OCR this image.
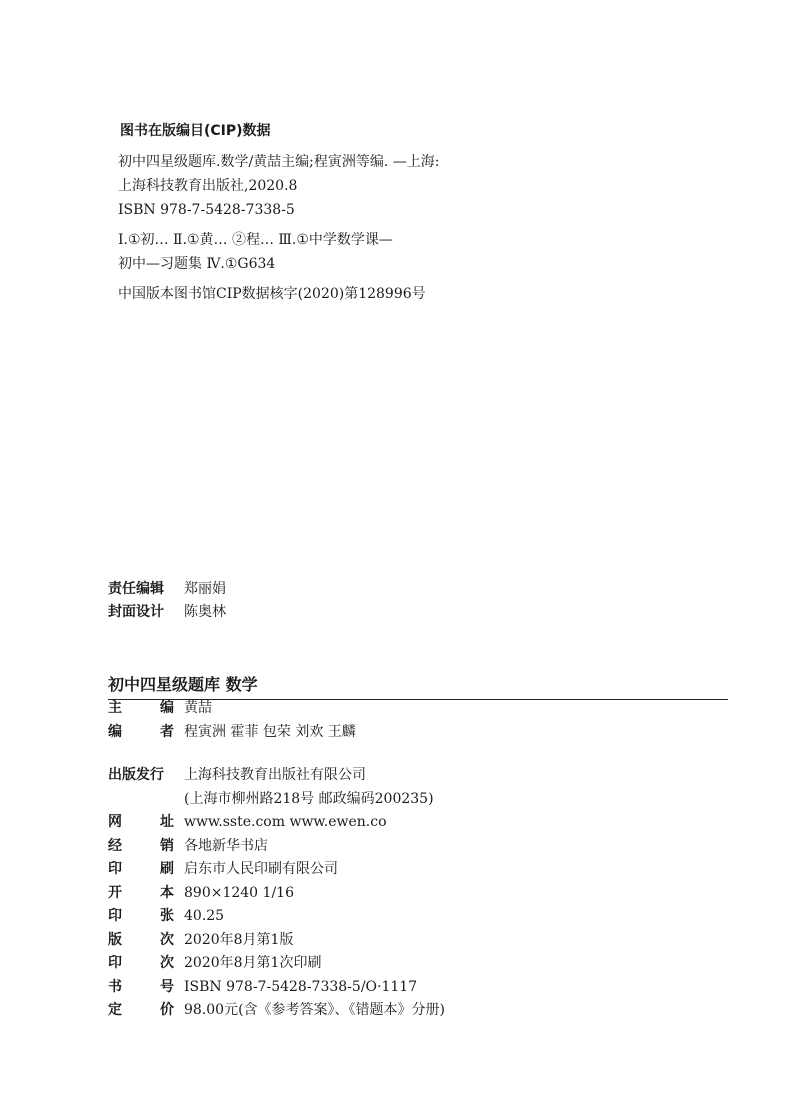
图书在版编目(CIP)数据
初中四星级题库.数学/黄喆主编;程寅洲等编. —上海:
上海科技教育出版社,2020.8
ISBN 978-7-5428-7338-5
Ⅰ.①初… Ⅱ.①黄… ②程… Ⅲ.①中学数学课—
初中—习题集 Ⅳ.①G634
中国版本图书馆CIP数据核字(2020)第128996号
责任编辑	郑丽娟
封面设计	陈奥林
初中四星级题库 数学
主	编 黄喆
编	者 程寅洲 霍菲 包荣 刘欢 王麟
出版发行	上海科技教育出版社有限公司
(上海市柳州路218号 邮政编码200235)
网	址 www.sste.com www.ewen.co
经	销 各地新华书店
印	刷 启东市人民印刷有限公司
开	本 890×1240 1/16
印	张 40.25
版	次 2020年8月第1版
印	次 2020年8月第1次印刷
书	号 ISBN 978-7-5428-7338-5/O·1117
定	价 98.00元(含《参考答案》、《错题本》分册)
